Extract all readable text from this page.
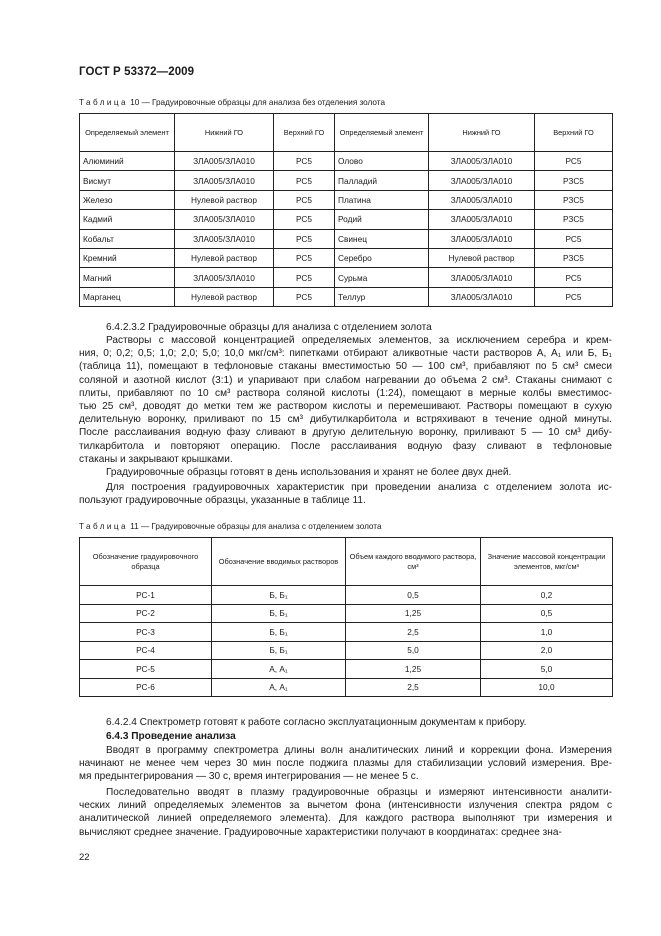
ГОСТ Р 53372—2009
Таблица 10 — Градуировочные образцы для анализа без отделения золота
Определяемый элемент	Нижний ГО	Верхний ГО	Определяемый элемент	Нижний ГО	Верхний ГО
Алюминий	ЗЛА005/ЗЛА010	РС5	Олово	ЗЛА005/ЗЛА010	РС5
Висмут	ЗЛА005/ЗЛА010	РС5	Палладий	ЗЛА005/ЗЛА010	РЗС5
Железо	Нулевой раствор	РС5	Платина	ЗЛА005/ЗЛА010	РЗС5
Кадмий	ЗЛА005/ЗЛА010	РС5	Родий	ЗЛА005/ЗЛА010	РЗС5
Кобальт	ЗЛА005/ЗЛА010	РС5	Свинец	ЗЛА005/ЗЛА010	РС5
Кремний	Нулевой раствор	РС5	Серебро	Нулевой раствор	РЗС5
Магний	ЗЛА005/ЗЛА010	РС5	Сурьма	ЗЛА005/ЗЛА010	РС5
Марганец	Нулевой раствор	РС5	Теллур	ЗЛА005/ЗЛА010	РС5
6.4.2.3.2 Градуировочные образцы для анализа с отделением золота
Растворы с массовой концентрацией определяемых элементов, за исключением серебра и крем-
ния, 0; 0,2; 0,5; 1,0; 2,0; 5,0; 10,0 мкг/см³: пипетками отбирают аликвотные части растворов А, А₁ или Б, Б₁
(таблица 11), помещают в тефлоновые стаканы вместимостью 50 — 100 см³, прибавляют по 5 см³ смеси
соляной и азотной кислот (3:1) и упаривают при слабом нагревании до объема 2 см³. Стаканы снимают с
плиты, прибавляют по 10 см³ раствора соляной кислоты (1:24), помещают в мерные колбы вместимос-
тью 25 см³, доводят до метки тем же раствором кислоты и перемешивают. Растворы помещают в сухую
делительную воронку, приливают по 15 см³ дибутилкарбитола и встряхивают в течение одной минуты.
После расслаивания водную фазу сливают в другую делительную воронку, приливают 5 — 10 см³ дибу-
тилкарбитола и повторяют операцию. После расслаивания водную фазу сливают в тефлоновые
стаканы и закрывают крышками.
Градуировочные образцы готовят в день использования и хранят не более двух дней.
Для построения градуировочных характеристик при проведении анализа с отделением золота ис-
пользуют градуировочные образцы, указанные в таблице 11.
Таблица 11 — Градуировочные образцы для анализа с отделением золота
Обозначение градуировочного образца	Обозначение вводимых растворов	Объем каждого вводимого раствора, см³	Значение массовой концентрации элементов, мкг/см³
РС-1	Б, Б₁	0,5	0,2
РС-2	Б, Б₁	1,25	0,5
РС-3	Б, Б₁	2,5	1,0
РС-4	Б, Б₁	5,0	2,0
РС-5	А, А₁	1,25	5,0
РС-6	А, А₁	2,5	10,0
6.4.2.4 Спектрометр готовят к работе согласно эксплуатационным документам к прибору.
6.4.3 Проведение анализа
Вводят в программу спектрометра длины волн аналитических линий и коррекции фона. Измерения
начинают не менее чем через 30 мин после поджига плазмы для стабилизации условий измерения. Вре-
мя предынтегрирования — 30 с, время интегрирования — не менее 5 с.
Последовательно вводят в плазму градуировочные образцы и измеряют интенсивности аналити-
ческих линий определяемых элементов за вычетом фона (интенсивности излучения спектра рядом с
аналитической линией определяемого элемента). Для каждого раствора выполняют три измерения и
вычисляют среднее значение. Градуировочные характеристики получают в координатах: среднее зна-
22
